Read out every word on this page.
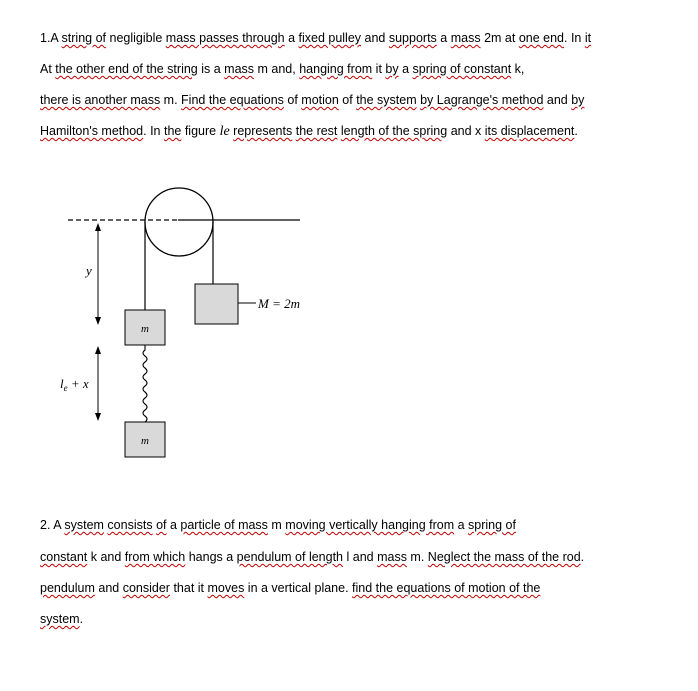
1.A string of negligible mass passes through a fixed pulley and supports a mass 2m at one end. In it
At the other end of the string is a mass m and, hanging from it by a spring of constant k,
there is another mass m. Find the equations of motion of the system by Lagrange's method and by
Hamilton's method. In the figure le represents the rest length of the spring and x its displacement.
M = 2m
m
m
y
$l_e + x$
2. A system consists of a particle of mass m moving vertically hanging from a spring of
constant k and from which hangs a pendulum of length l and mass m. Neglect the mass of the rod.
pendulum and consider that it moves in a vertical plane. find the equations of motion of the
system.
